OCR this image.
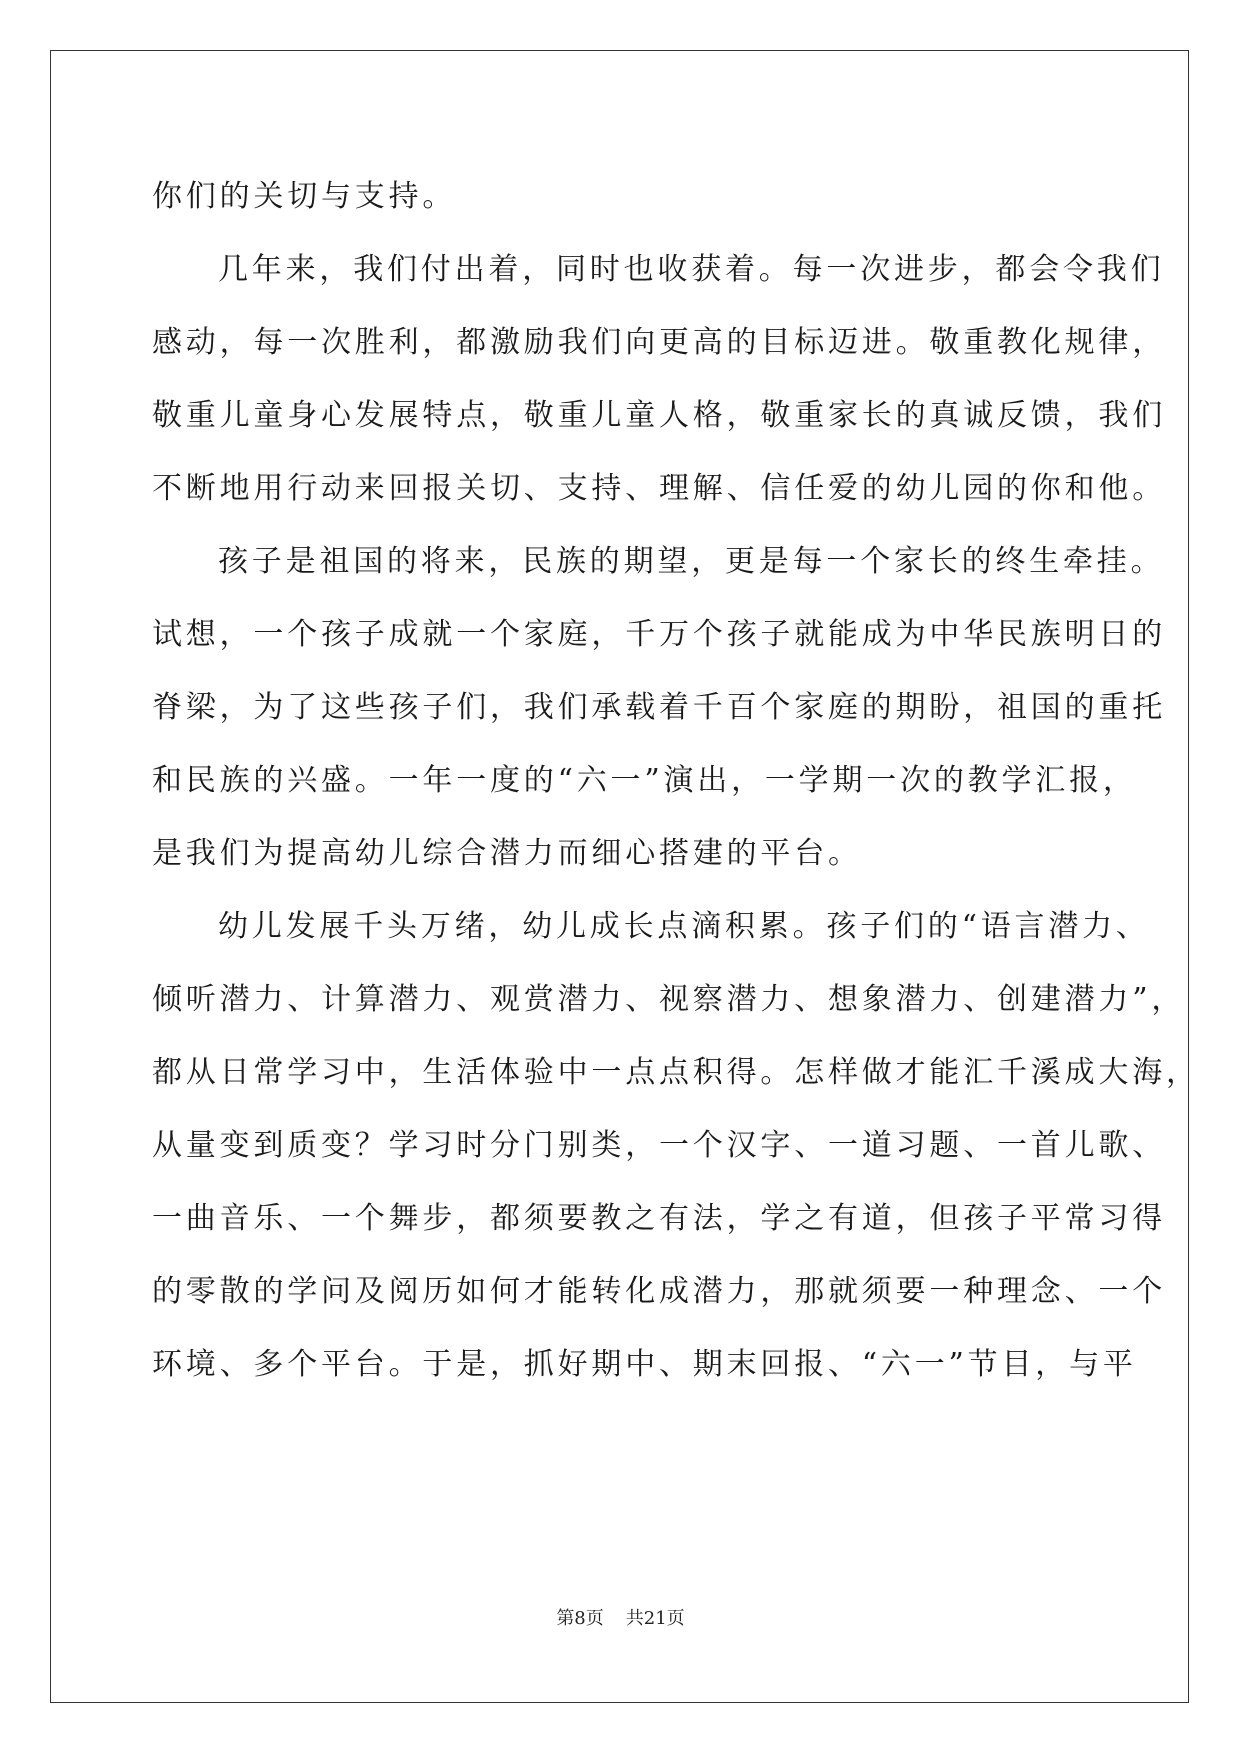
你们的关切与支持。

几年来，我们付出着，同时也收获着。每一次进步，都会令我们

感动，每一次胜利，都激励我们向更高的目标迈进。敬重教化规律，

敬重儿童身心发展特点，敬重儿童人格，敬重家长的真诚反馈，我们

不断地用行动来回报关切、支持、理解、信任爱的幼儿园的你和他。

孩子是祖国的将来，民族的期望，更是每一个家长的终生牵挂。

试想，一个孩子成就一个家庭，千万个孩子就能成为中华民族明日的

脊梁，为了这些孩子们，我们承载着千百个家庭的期盼，祖国的重托

和民族的兴盛。一年一度的“六一”演出，一学期一次的教学汇报，

是我们为提高幼儿综合潜力而细心搭建的平台。

幼儿发展千头万绪，幼儿成长点滴积累。孩子们的“语言潜力、

倾听潜力、计算潜力、观赏潜力、视察潜力、想象潜力、创建潜力”，

都从日常学习中，生活体验中一点点积得。怎样做才能汇千溪成大海，

从量变到质变？学习时分门别类，一个汉字、一道习题、一首儿歌、

一曲音乐、一个舞步，都须要教之有法，学之有道，但孩子平常习得

的零散的学问及阅历如何才能转化成潜力，那就须要一种理念、一个

环境、多个平台。于是，抓好期中、期末回报、“六一”节目，与平

第8页 共21页
